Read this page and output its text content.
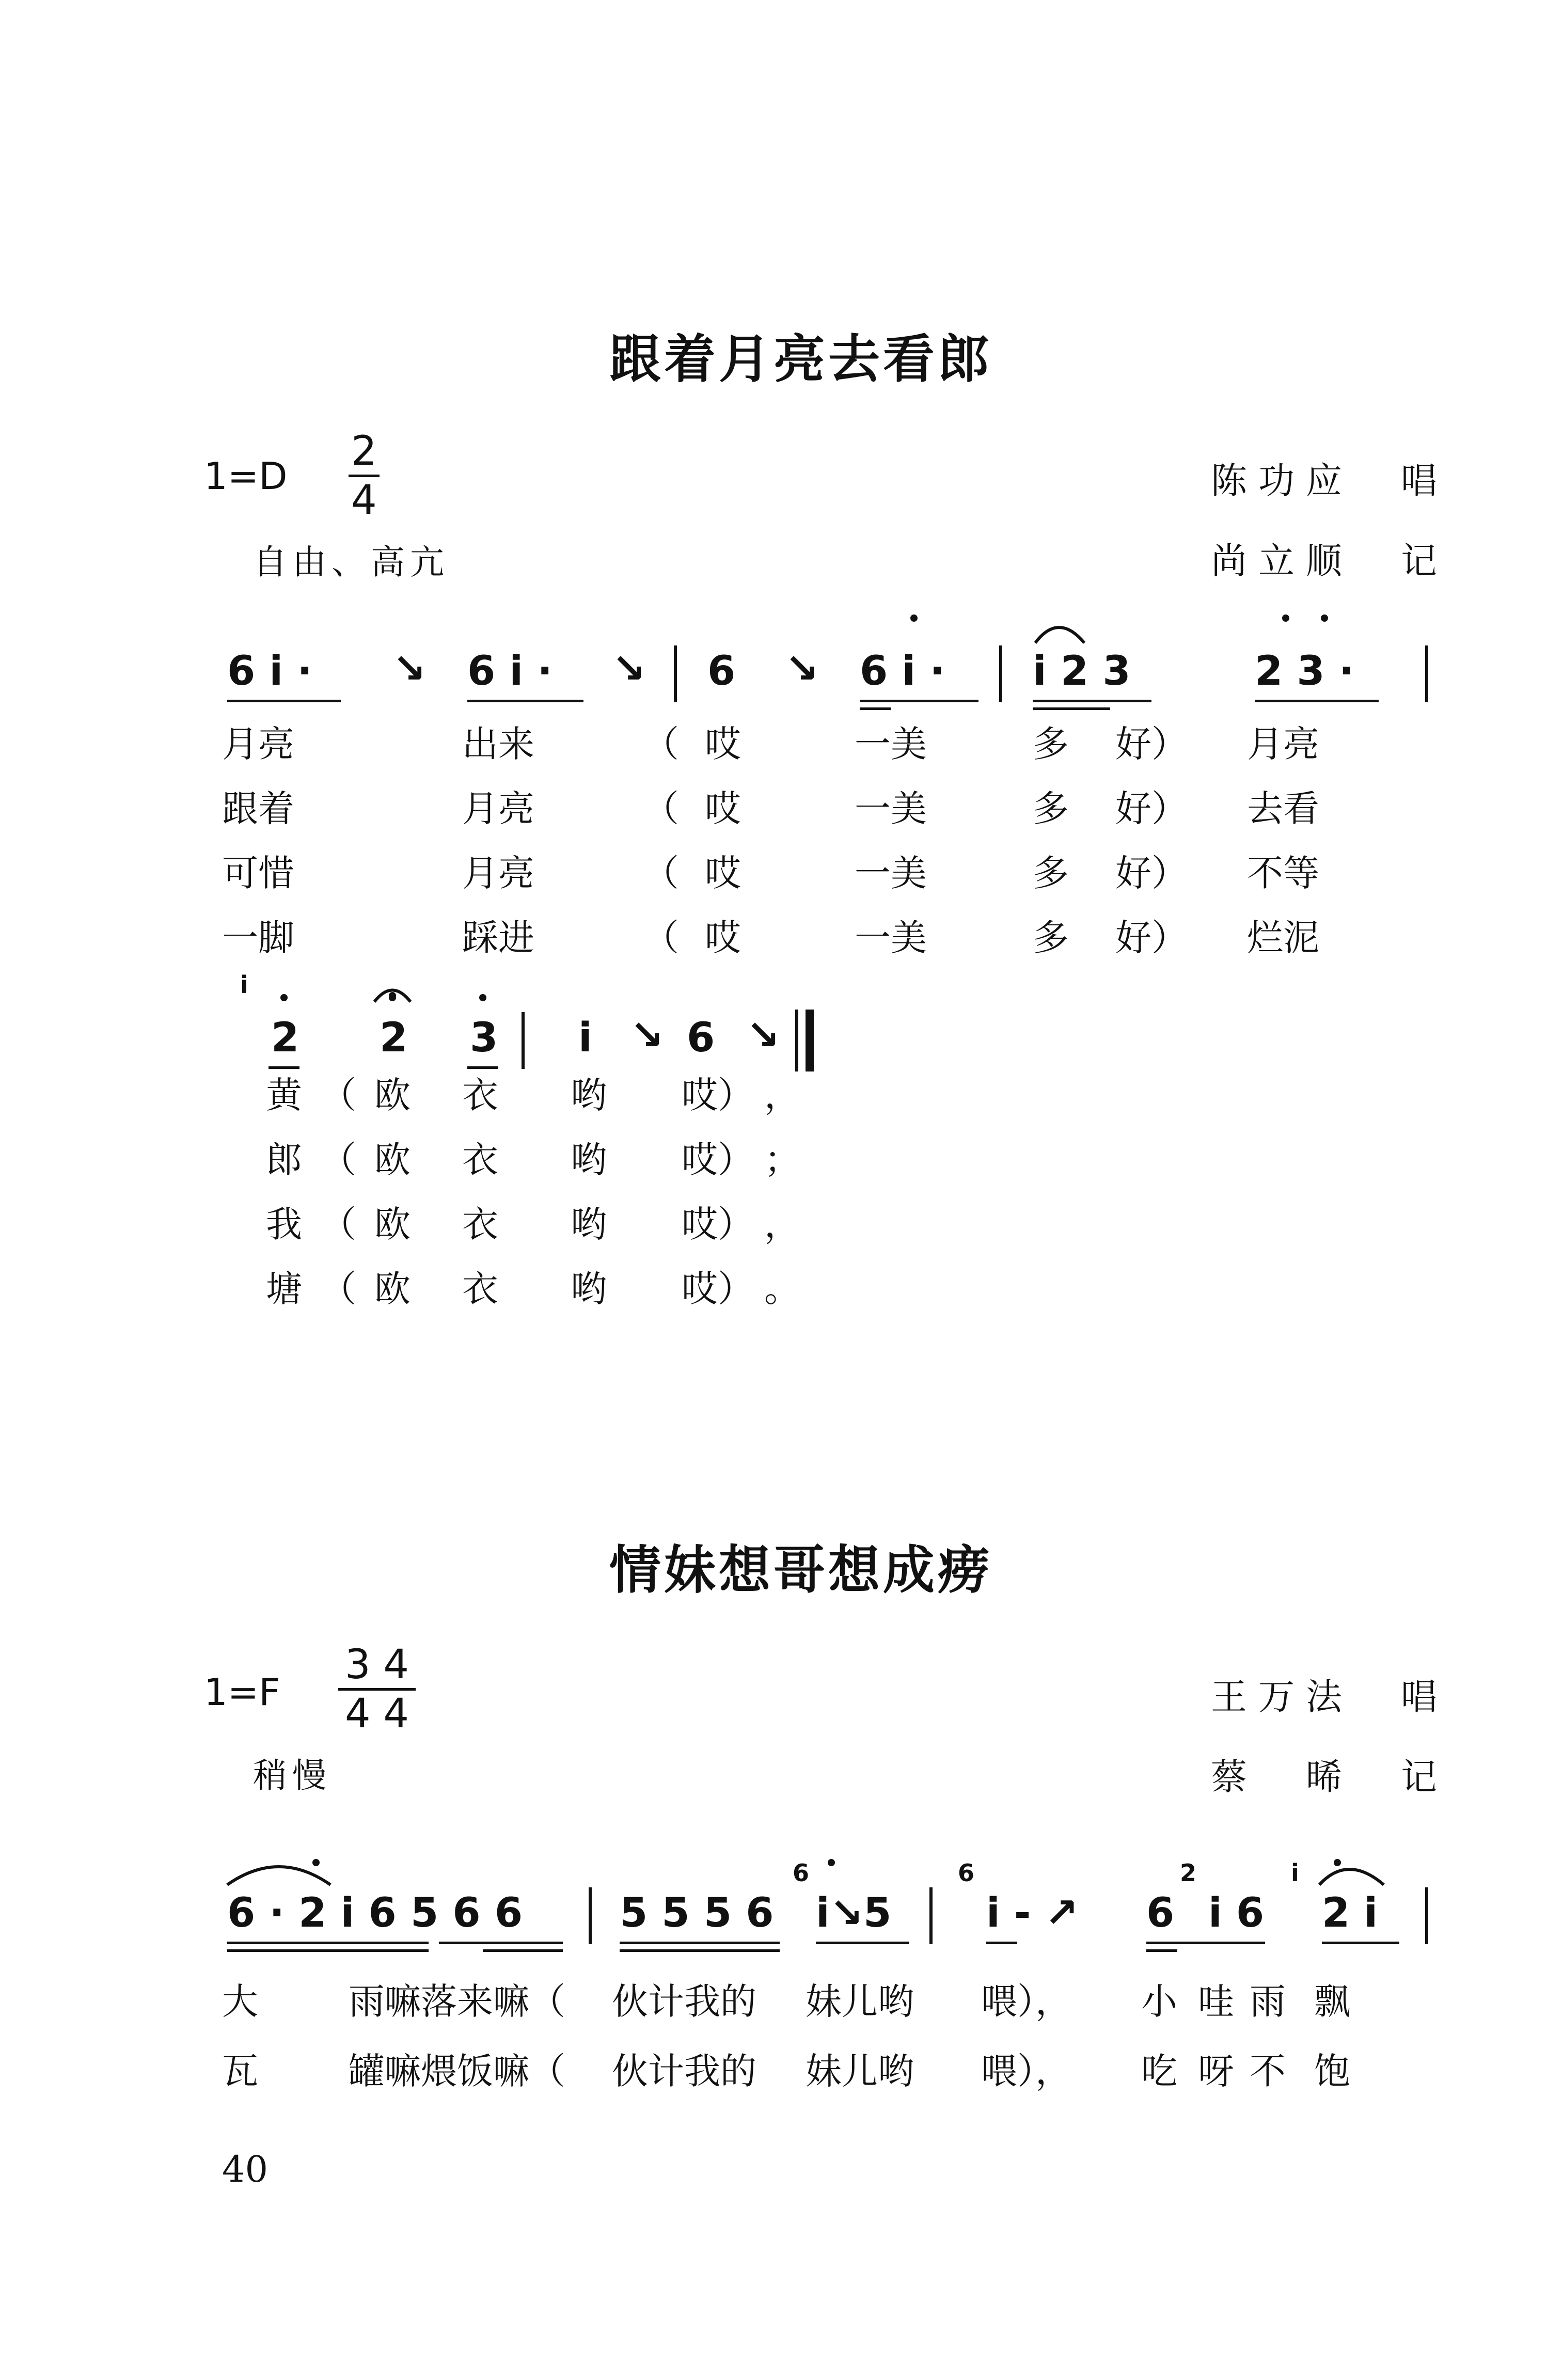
跟着月亮去看郎
1=D
2
4	陈功应　唱
尚立顺　记
自由、高亢
6 i · ↘ 6 i · ↘ 6 ↘ 6 i · i 2 3	2 3 ·
月亮	出来	（ 哎	一美	多 好） 月亮
跟着	月亮	（ 哎	一美	多 好） 去看
可惜	月亮	（ 哎	一美	多 好） 不等
一脚	踩进	（ 哎	一美	多 好） 烂泥
i
2 2 3 i ↘ 6 ↘
黄 （ 欧 衣 哟 哎） ，
郎 （ 欧 衣 哟 哎） ；
我 （ 欧 衣 哟 哎） ，
塘 （ 欧 衣 哟 哎） 。
情妹想哥想成痨
1=F
3 4
4 4	王万法　唱
蔡　晞　记
稍慢
6 · 2 i 6 5 6 6 5 5 5 6
6
i↘5
6
i - ↗ 6
2
i 6
i
2 i
大	雨嘛落来嘛（ 伙计我的 妹儿哟 喂）， 小 哇雨 飘
瓦	罐嘛煨饭嘛（ 伙计我的 妹儿哟 喂）， 吃 呀不 饱
40
